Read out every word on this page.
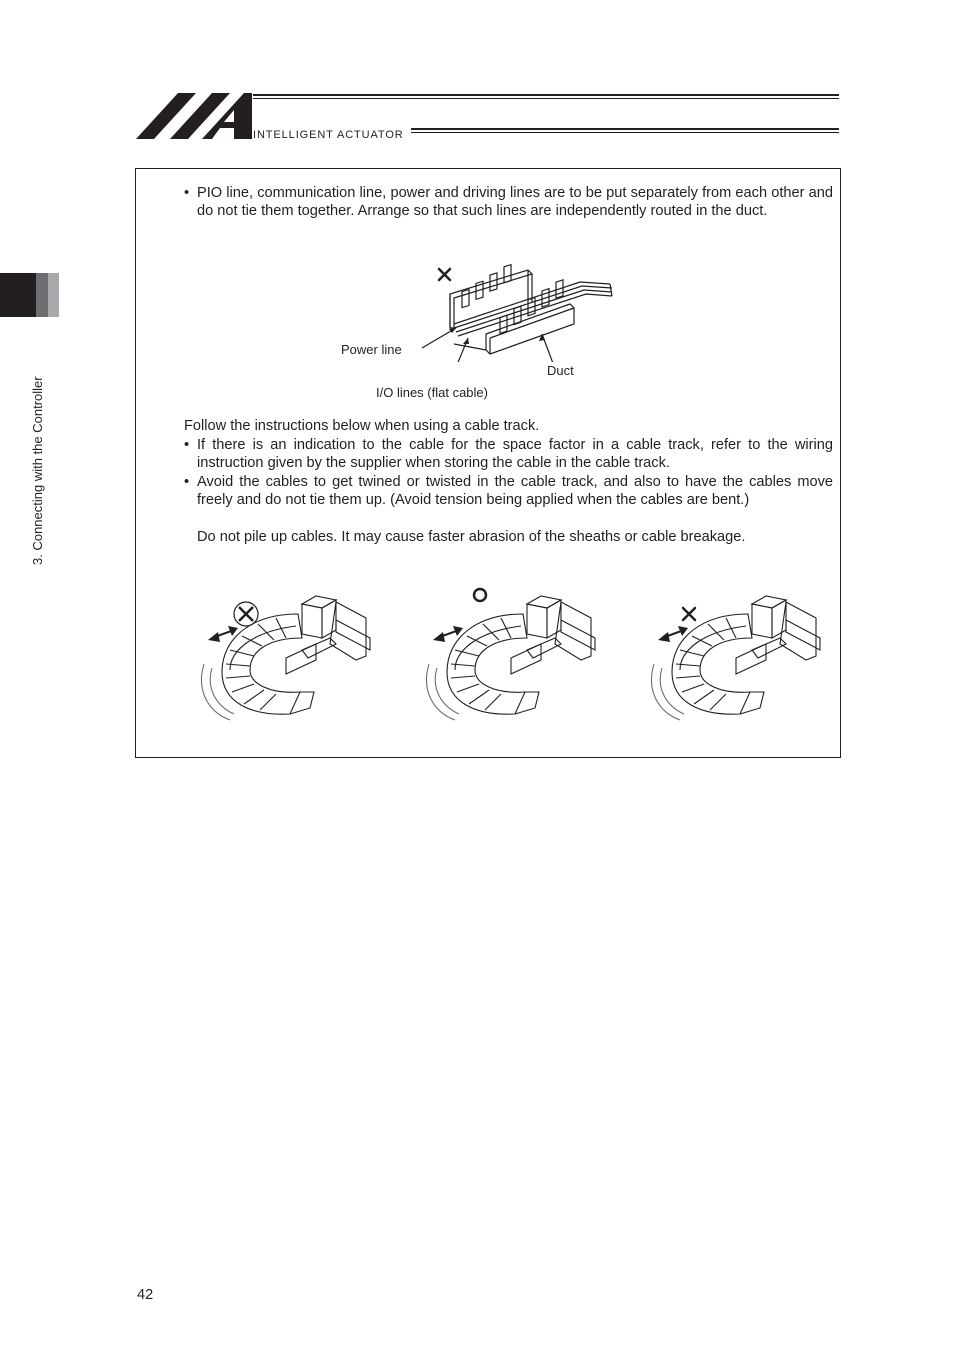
INTELLIGENT ACTUATOR
3. Connecting with the Controller
• PIO line, communication line, power and driving lines are to be put separately from each other and do not tie them together. Arrange so that such lines are independently routed in the duct.
Power line
Duct
I/O lines (flat cable)
Follow the instructions below when using a cable track.
• If there is an indication to the cable for the space factor in a cable track, refer to the wiring instruction given by the supplier when storing the cable in the cable track.
• Avoid the cables to get twined or twisted in the cable track, and also to have the cables move freely and do not tie them up. (Avoid tension being applied when the cables are bent.)
Do not pile up cables. It may cause faster abrasion of the sheaths or cable breakage.
42
